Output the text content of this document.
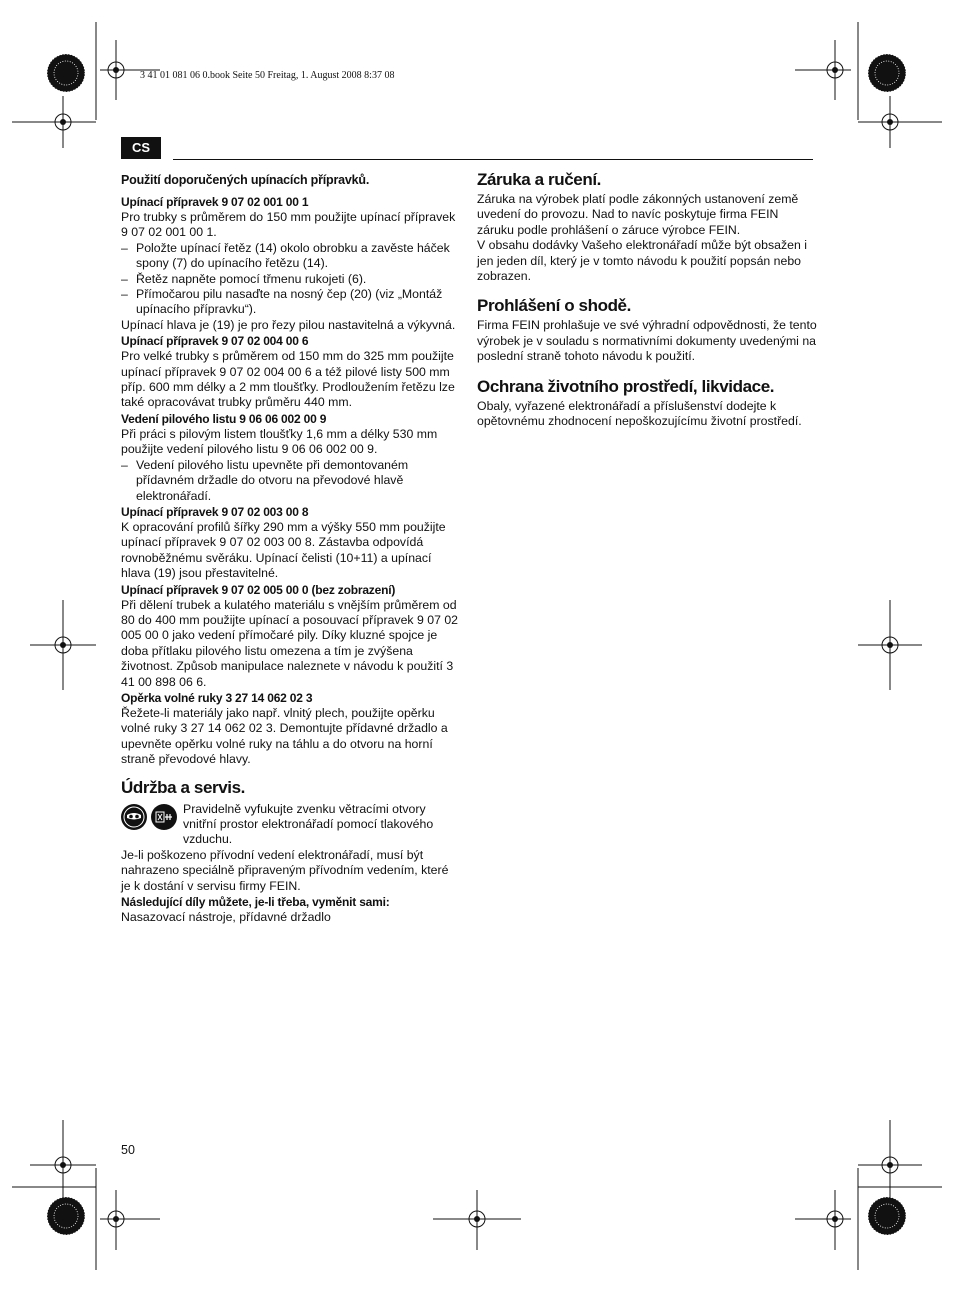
3 41 01 081 06 0.book Seite 50 Freitag, 1. August 2008 8:37 08
CS
Použití doporučených upínacích přípravků.
Upínací přípravek 9 07 02 001 00 1

Pro trubky s průměrem do 150 mm použijte upínací přípravek 9 07 02 001 00 1.

– Položte upínací řetěz (14) okolo obrobku a zavěste háček spony (7) do upínacího řetězu (14).
– Řetěz napněte pomocí třmenu rukojeti (6).
– Přímočarou pilu nasaďte na nosný čep (20) (viz „Montáž upínacího přípravku“).

Upínací hlava je (19) je pro řezy pilou nastavitelná a výkyvná.

Upínací přípravek 9 07 02 004 00 6

Pro velké trubky s průměrem od 150 mm do 325 mm použijte upínací přípravek 9 07 02 004 00 6 a též pilové listy 500 mm příp. 600 mm délky a 2 mm tloušťky. Prodloužením řetězu lze také opracovávat trubky průměru 440 mm.

Vedení pilového listu 9 06 06 002 00 9

Při práci s pilovým listem tloušťky 1,6 mm a délky 530 mm použijte vedení pilového listu 9 06 06 002 00 9.

– Vedení pilového listu upevněte při demontovaném přídavném držadle do otvoru na převodové hlavě elektronářadí.
Upínací přípravek 9 07 02 003 00 8

K opracování profilů šířky 290 mm a výšky 550 mm použijte upínací přípravek 9 07 02 003 00 8. Zástavba odpovídá rovnoběžnému svěráku. Upínací čelisti (10+11) a upínací hlava (19) jsou přestavitelné.

Upínací přípravek 9 07 02 005 00 0 (bez zobrazení)

Při dělení trubek a kulatého materiálu s vnějším průměrem od 80 do 400 mm použijte upínací a posouvací přípravek 9 07 02 005 00 0 jako vedení přímočaré pily. Díky kluzné spojce je doba přítlaku pilového listu omezena a tím je zvýšena životnost. Způsob manipulace naleznete v návodu k použití 3 41 00 898 06 6.

Opěrka volné ruky 3 27 14 062 02 3

Řežete-li materiály jako např. vlnitý plech, použijte opěrku volné ruky 3 27 14 062 02 3. Demontujte přídavné držadlo a upevněte opěrku volné ruky na táhlu a do otvoru na horní straně převodové hlavy.

Údržba a servis.

Pravidelně vyfukujte zvenku větracími otvory vnitřní prostor elektronářadí pomocí tlakového vzduchu.

Je-li poškozeno přívodní vedení elektronářadí, musí být nahrazeno speciálně připraveným přívodním vedením, které je k dostání v servisu firmy FEIN.

Následující díly můžete, je-li třeba, vyměnit sami:

Nasazovací nástroje, přídavné držadlo

Záruka a ručení.

Záruka na výrobek platí podle zákonných ustanovení země uvedení do provozu. Nad to navíc poskytuje firma FEIN záruku podle prohlášení o záruce výrobce FEIN.

V obsahu dodávky Vašeho elektronářadí může být obsažen i jen jeden díl, který je v tomto návodu k použití popsán nebo zobrazen.

Prohlášení o shodě.

Firma FEIN prohlašuje ve své výhradní odpovědnosti, že tento výrobek je v souladu s normativními dokumenty uvedenými na poslední straně tohoto návodu k použití.

Ochrana životního prostředí, likvidace.

Obaly, vyřazené elektronářadí a příslušenství dodejte k opětovnému zhodnocení nepoškozujícímu životní prostředí.

50
